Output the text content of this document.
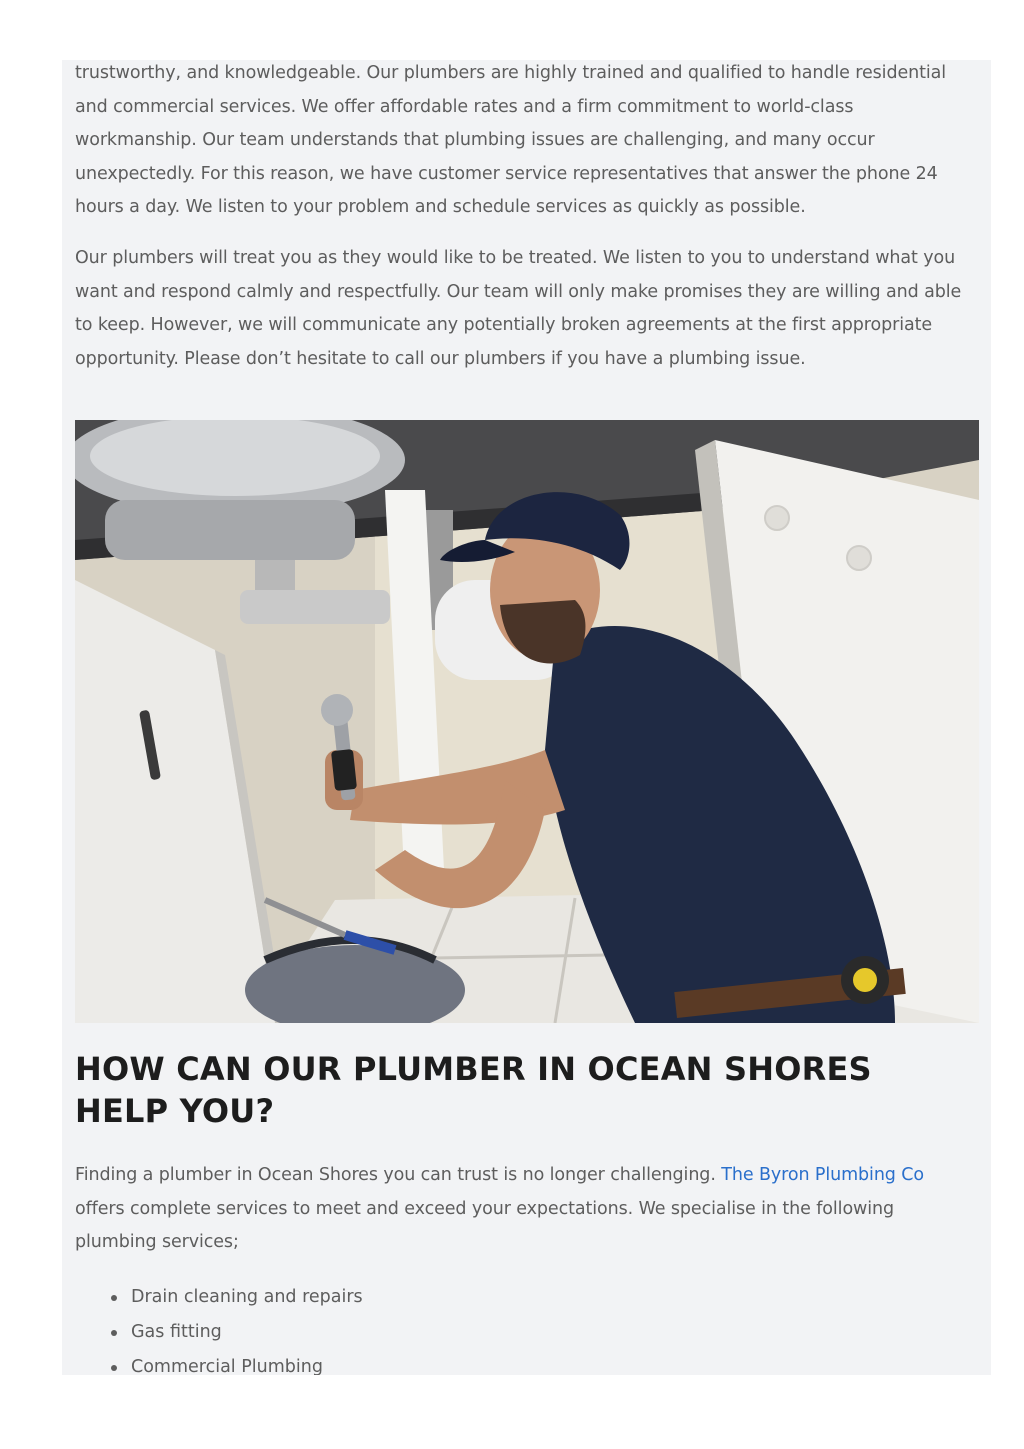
trustworthy, and knowledgeable. Our plumbers are highly trained and qualified to handle residential and commercial services. We offer affordable rates and a firm commitment to world-class workmanship. Our team understands that plumbing issues are challenging, and many occur unexpectedly. For this reason, we have customer service representatives that answer the phone 24 hours a day. We listen to your problem and schedule services as quickly as possible.

Our plumbers will treat you as they would like to be treated. We listen to you to understand what you want and respond calmly and respectfully. Our team will only make promises they are willing and able to keep. However, we will communicate any potentially broken agreements at the first appropriate opportunity. Please don’t hesitate to call our plumbers if you have a plumbing issue.

HOW CAN OUR PLUMBER IN OCEAN SHORES HELP YOU?

Finding a plumber in Ocean Shores you can trust is no longer challenging. The Byron Plumbing Co offers complete services to meet and exceed your expectations. We specialise in the following plumbing services;

Drain cleaning and repairs
Gas fitting
Commercial Plumbing
